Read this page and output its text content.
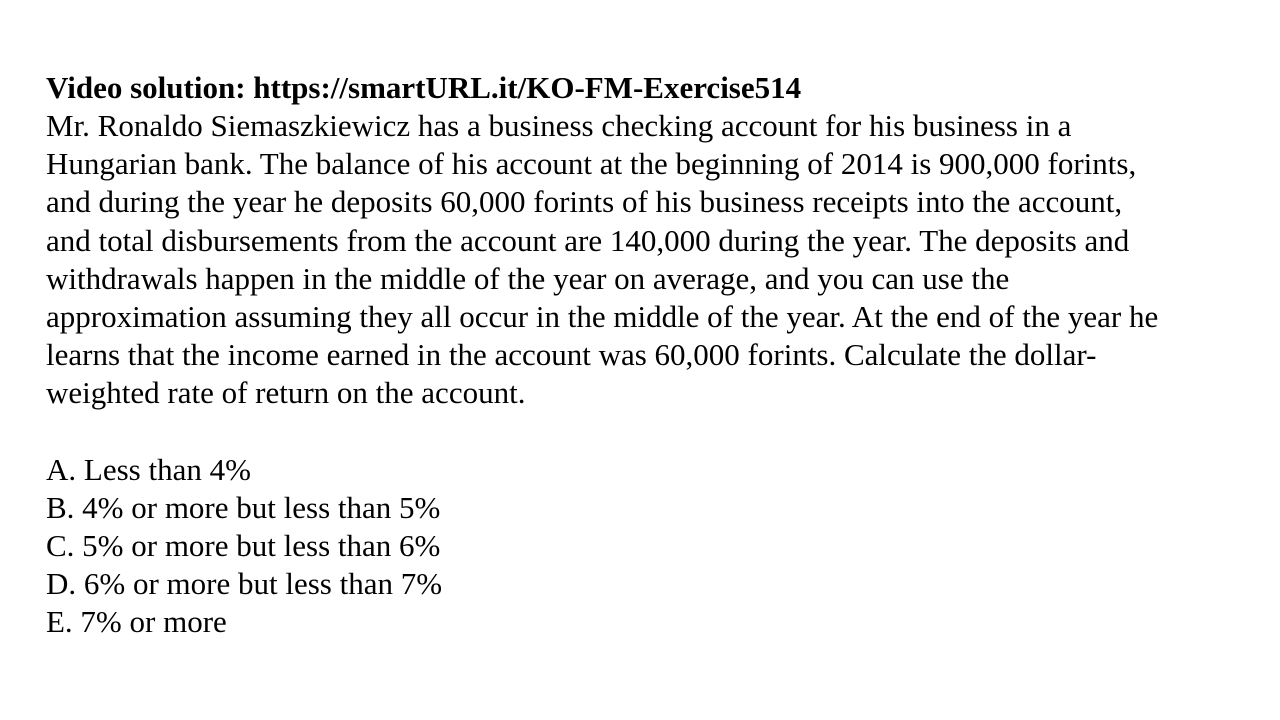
Video solution: https://smartURL.it/KO-FM-Exercise514
Mr. Ronaldo Siemaszkiewicz has a business checking account for his business in a
Hungarian bank. The balance of his account at the beginning of 2014 is 900,000 forints,
and during the year he deposits 60,000 forints of his business receipts into the account,
and total disbursements from the account are 140,000 during the year. The deposits and
withdrawals happen in the middle of the year on average, and you can use the
approximation assuming they all occur in the middle of the year. At the end of the year he
learns that the income earned in the account was 60,000 forints. Calculate the dollar-
weighted rate of return on the account.
A. Less than 4%
B. 4% or more but less than 5%
C. 5% or more but less than 6%
D. 6% or more but less than 7%
E. 7% or more
